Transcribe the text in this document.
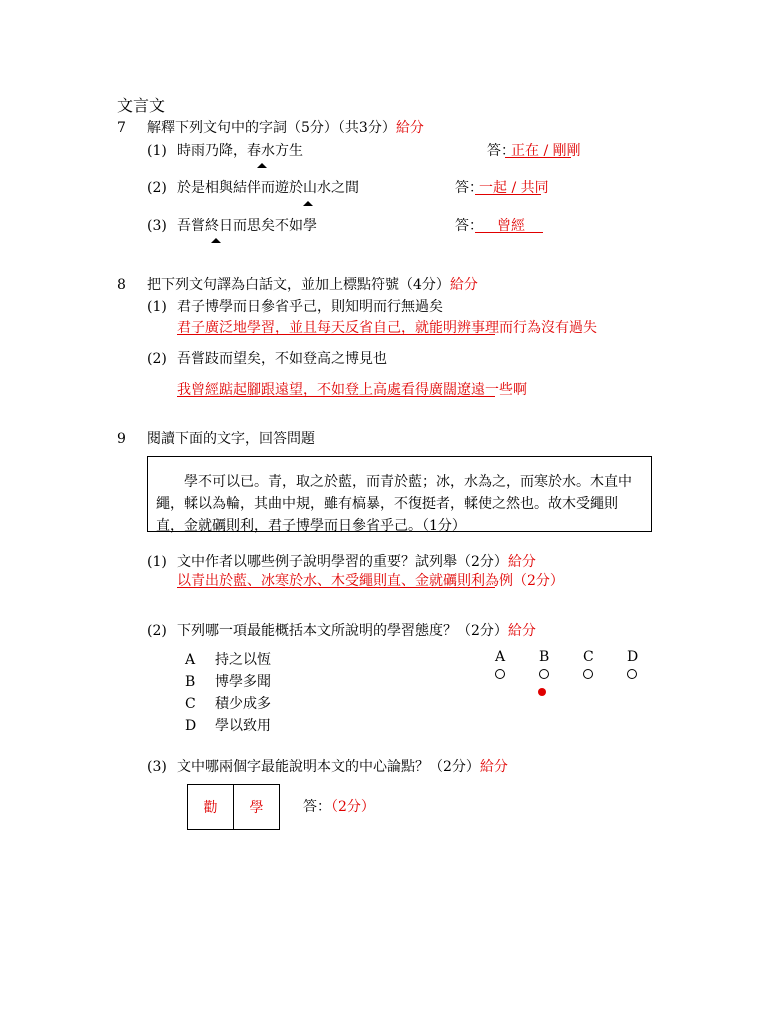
文言文
7 解釋下列文句中的字詞（5分）（共3分）給分
(1) 時雨乃降，春水方生	答：
正在 / 剛剛
(2) 於是相與結伴而遊於山水之間	答：
一起 / 共同
(3) 吾嘗終日而思矣不如學	答： 曾經
8 把下列文句譯為白話文，並加上標點符號（4分）給分
(1) 君子博學而日參省乎己，則知明而行無過矣
君子廣泛地學習，並且每天反省自己，就能明辨事理而行為沒有過失
(2) 吾嘗跂而望矣，不如登高之博見也
我曾經踮起腳跟遠望，不如登上高處看得廣闊遼遠一些啊
9 閱讀下面的文字，回答問題
學不可以已。青，取之於藍，而青於藍；冰，水為之，而寒於水。木直中繩，輮以為輪，其曲中規，雖有槁暴，不復挺者，輮使之然也。故木受繩則直，金就礪則利，君子博學而日參省乎己。（1分）
(1) 文中作者以哪些例子說明學習的重要？試列舉（2分）給分
以青出於藍、冰寒於水、木受繩則直、金就礪則利為例（2分）
(2) 下列哪一項最能概括本文所說明的學習態度？（2分）給分
A 持之以恆
B 博學多聞
C 積少成多
D 學以致用
A B C D
(3) 文中哪兩個字最能說明本文的中心論點？（2分）給分
勸	學	答：（2分）
